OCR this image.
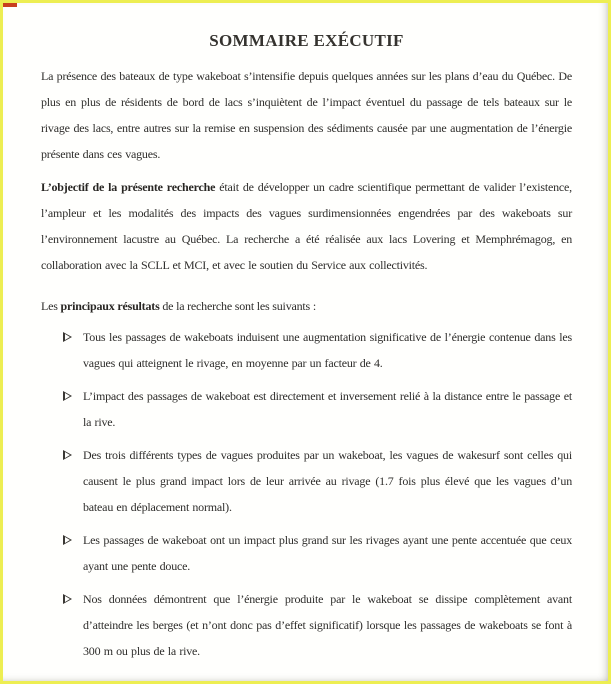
SOMMAIRE EXÉCUTIF

La présence des bateaux de type wakeboat s’intensifie depuis quelques années sur les plans d’eau du Québec. De plus en plus de résidents de bord de lacs s’inquiètent de l’impact éventuel du passage de tels bateaux sur le rivage des lacs, entre autres sur la remise en suspension des sédiments causée par une augmentation de l’énergie présente dans ces vagues.

L’objectif de la présente recherche était de développer un cadre scientifique permettant de valider l’existence, l’ampleur et les modalités des impacts des vagues surdimensionnées engendrées par des wakeboats sur l’environnement lacustre au Québec. La recherche a été réalisée aux lacs Lovering et Memphrémagog, en collaboration avec la SCLL et MCI, et avec le soutien du Service aux collectivités.

Les principaux résultats de la recherche sont les suivants :

Tous les passages de wakeboats induisent une augmentation significative de l’énergie contenue dans les vagues qui atteignent le rivage, en moyenne par un facteur de 4.
L’impact des passages de wakeboat est directement et inversement relié à la distance entre le passage et la rive.
Des trois différents types de vagues produites par un wakeboat, les vagues de wakesurf sont celles qui causent le plus grand impact lors de leur arrivée au rivage (1.7 fois plus élevé que les vagues d’un bateau en déplacement normal).
Les passages de wakeboat ont un impact plus grand sur les rivages ayant une pente accentuée que ceux ayant une pente douce.
Nos données démontrent que l’énergie produite par le wakeboat se dissipe complètement avant d’atteindre les berges (et n’ont donc pas d’effet significatif) lorsque les passages de wakeboats se font à 300 m ou plus de la rive.
